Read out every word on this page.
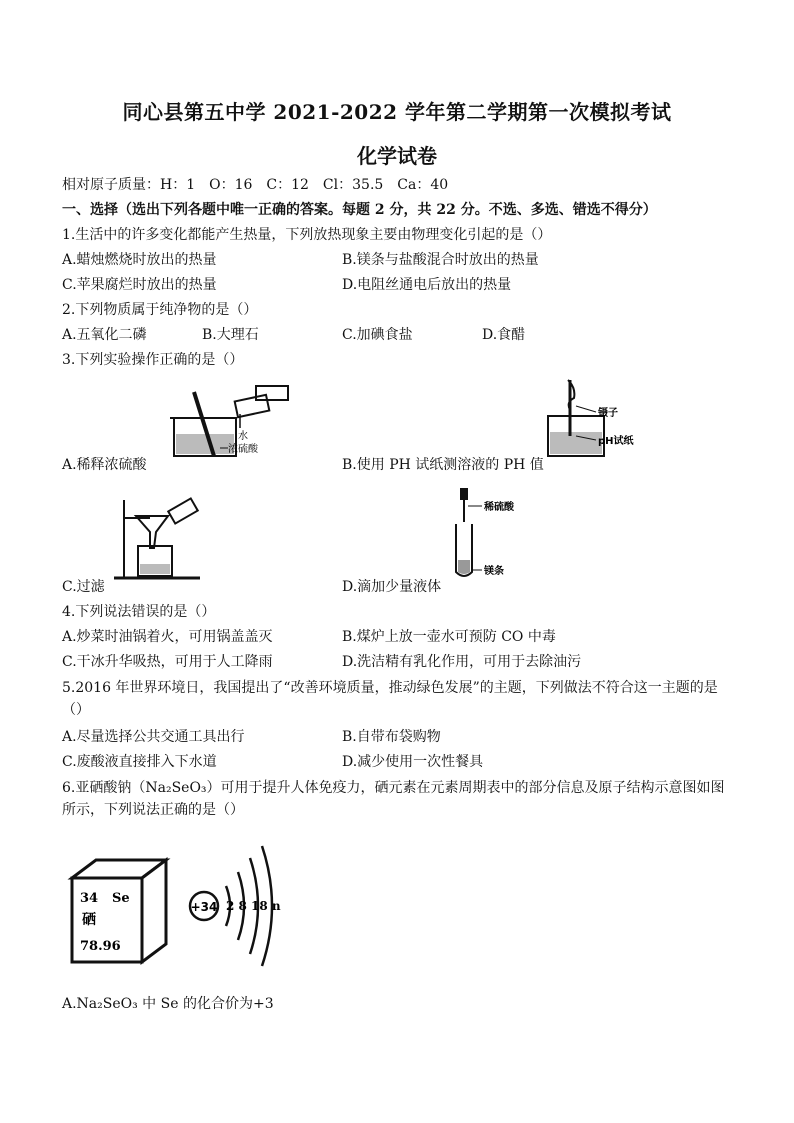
同心县第五中学 2021-2022 学年第二学期第一次模拟考试
化学试卷
相对原子质量：H：1　O：16　C：12　Cl：35.5　Ca：40
一、选择（选出下列各题中唯一正确的答案。每题 2 分，共 22 分。不选、多选、错选不得分）
1.生活中的许多变化都能产生热量，下列放热现象主要由物理变化引起的是（）
A.蜡烛燃烧时放出的热量	B.镁条与盐酸混合时放出的热量
C.苹果腐烂时放出的热量	D.电阻丝通电后放出的热量
2.下列物质属于纯净物的是（）
A.五氧化二磷	B.大理石	C.加碘食盐	D.食醋
3.下列实验操作正确的是（）
水
浓硫酸
A.稀释浓硫酸
镊子
pH试纸
B.使用 PH 试纸测溶液的 PH 值
C.过滤
稀硫酸
镁条
D.滴加少量液体
4.下列说法错误的是（）
A.炒菜时油锅着火，可用锅盖盖灭	B.煤炉上放一壶水可预防 CO 中毒
C.干冰升华吸热，可用于人工降雨	D.洗洁精有乳化作用，可用于去除油污
5.2016 年世界环境日，我国提出了“改善环境质量，推动绿色发展”的主题，下列做法不符合这一主题的是（）
A.尽量选择公共交通工具出行	B.自带布袋购物
C.废酸液直接排入下水道	D.减少使用一次性餐具
6.亚硒酸钠（Na₂SeO₃）可用于提升人体免疫力，硒元素在元素周期表中的部分信息及原子结构示意图如图所示，下列说法正确的是（）
34 Se
硒
78.96
+34 2 8 18 n
A.Na₂SeO₃ 中 Se 的化合价为+3
